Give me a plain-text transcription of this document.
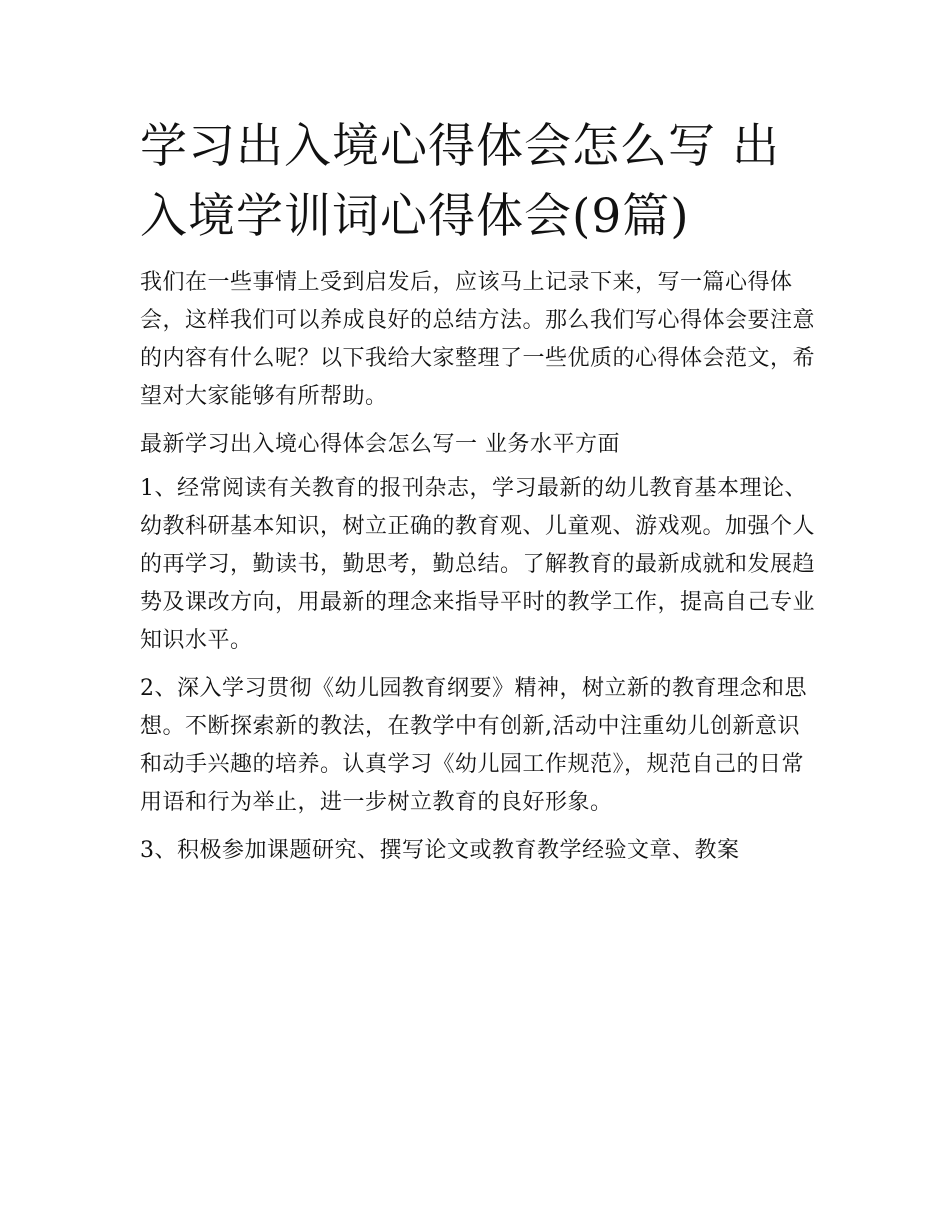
学习出入境心得体会怎么写 出入境学训词心得体会(9篇)

我们在一些事情上受到启发后，应该马上记录下来，写一篇心得体会，这样我们可以养成良好的总结方法。那么我们写心得体会要注意的内容有什么呢？以下我给大家整理了一些优质的心得体会范文，希望对大家能够有所帮助。

最新学习出入境心得体会怎么写一 业务水平方面

1、经常阅读有关教育的报刊杂志，学习最新的幼儿教育基本理论、幼教科研基本知识，树立正确的教育观、儿童观、游戏观。加强个人的再学习，勤读书，勤思考，勤总结。了解教育的最新成就和发展趋势及课改方向，用最新的理念来指导平时的教学工作，提高自己专业知识水平。

2、深入学习贯彻《幼儿园教育纲要》精神，树立新的教育理念和思想。不断探索新的教法，在教学中有创新,活动中注重幼儿创新意识和动手兴趣的培养。认真学习《幼儿园工作规范》，规范自己的日常用语和行为举止，进一步树立教育的良好形象。

3、积极参加课题研究、撰写论文或教育教学经验文章、教案
